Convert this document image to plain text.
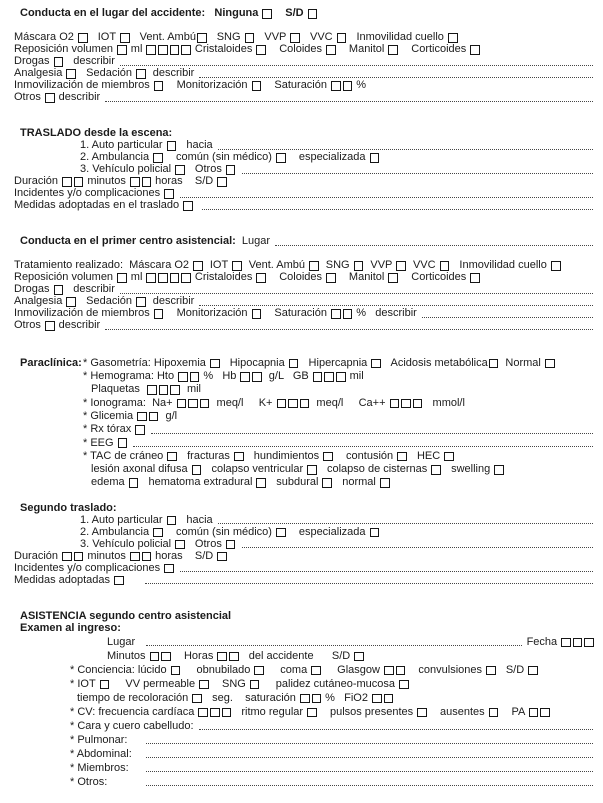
Conducta en el lugar del accidente:
Ninguna
S/D
Máscara O2 IOT Vent. Ambú SNG VVP VVC Inmovilidad cuello
Reposición volumen ml	Cristaloides Coloides Manitol Corticoides
Drogas describir
Analgesia Sedación describir
Inmovilización de miembros Monitorización Saturación %
Otros describir
TRASLADO desde la escena:
1. Auto particular hacia
2. Ambulancia común (sin médico) especializada
3. Vehículo policial Otros

Duración minutos horas    S/D
Incidentes y/o complicaciones

Medidas adoptadas en el traslado

Conducta en el primer centro asistencial: Lugar
Tratamiento realizado:  Máscara O2 IOT Vent. Ambú SNG VVP VVC Inmovilidad cuello
Reposición volumen ml	Cristaloides Coloides Manitol Corticoides
Drogas describir
Analgesia Sedación describir
Inmovilización de miembros Monitorización Saturación %   describir
Otros describir
Paraclínica: * Gasometría: Hipoxemia Hipocapnia Hipercapnia Acidosis metabólica Normal
* Hemograma: Hto %   Hb g/L   GB	mil
Plaquetas	mil
* Ionograma:  Na+	meq/l     K+	meq/l     Ca++	mmol/l
* Glicemia g/l
* Rx tórax

* EEG

* TAC de cráneo fracturas hundimientos contusión HEC
lesión axonal difusa colapso ventricular colapso de cisternas swelling
edema hematoma extradural subdural normal
Segundo traslado:
1. Auto particular hacia
2. Ambulancia común (sin médico) especializada
3. Vehículo policial Otros

Duración minutos horas    S/D
Incidentes y/o complicaciones

Medidas adoptadas

ASISTENCIA segundo centro asistencial
Examen al ingreso:
Lugar	Fecha
Minutos Horas del accidente      S/D
* Conciencia: lúcido obnubilado coma Glasgow convulsiones S/D
* IOT VV permeable SNG palidez cutáneo-mucosa
tiempo de recoloración seg.    saturación %   FiO2
* CV: frecuencia cardíaca	ritmo regular pulsos presentes ausentes PA
* Cara y cuero cabelludo:
* Pulmonar:
* Abdominal:
* Miembros:
* Otros:
